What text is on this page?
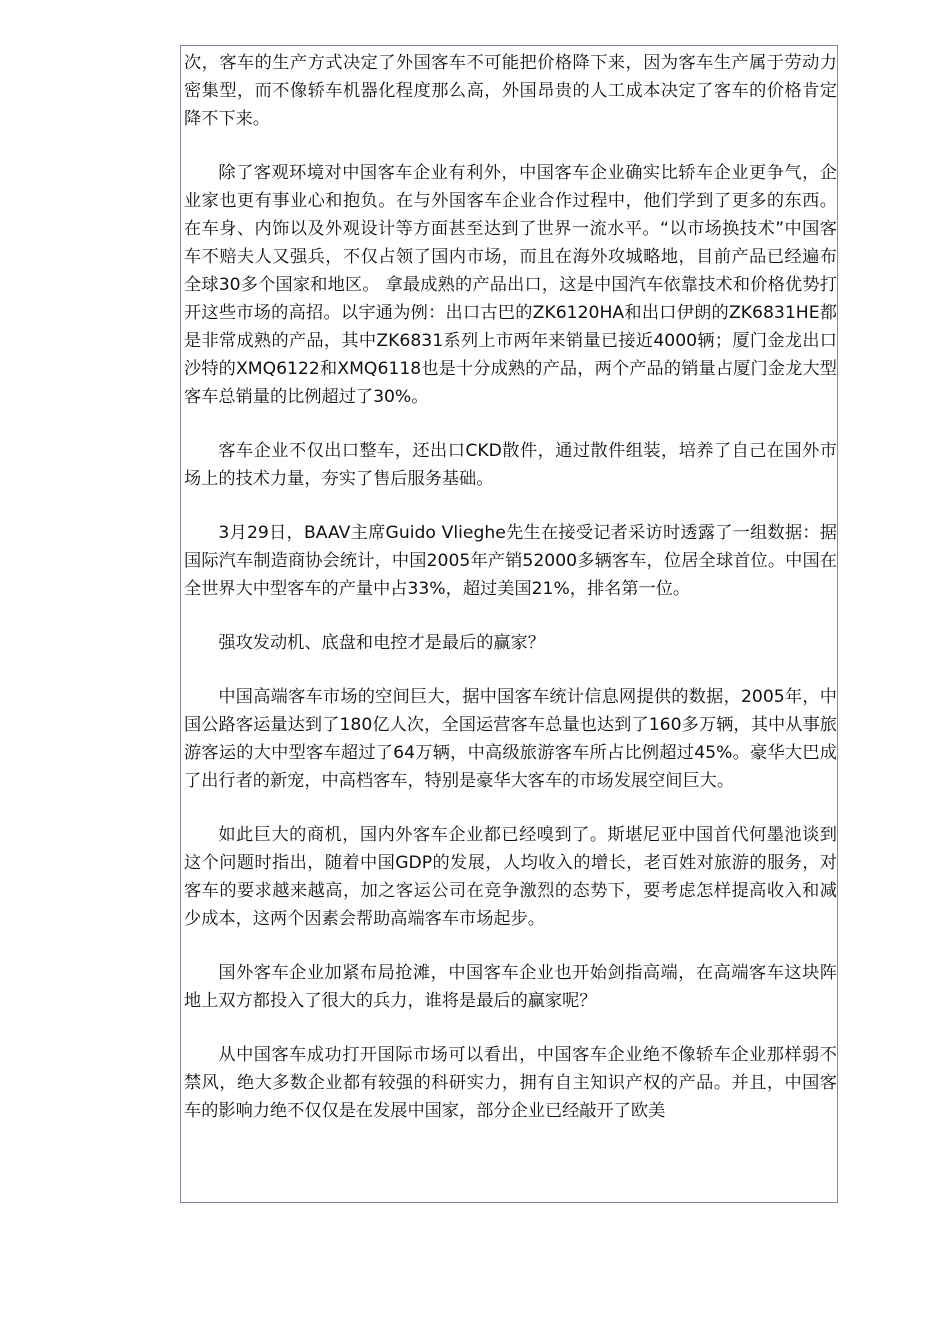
次，客车的生产方式决定了外国客车不可能把价格降下来，因为客车生产属于劳动力密集型，而不像轿车机器化程度那么高，外国昂贵的人工成本决定了客车的价格肯定降不下来。

除了客观环境对中国客车企业有利外，中国客车企业确实比轿车企业更争气，企业家也更有事业心和抱负。在与外国客车企业合作过程中，他们学到了更多的东西。在车身、内饰以及外观设计等方面甚至达到了世界一流水平。“以市场换技术”中国客车不赔夫人又强兵，不仅占领了国内市场，而且在海外攻城略地，目前产品已经遍布全球30多个国家和地区。 拿最成熟的产品出口，这是中国汽车依靠技术和价格优势打开这些市场的高招。以宇通为例：出口古巴的ZK6120HA和出口伊朗的ZK6831HE都是非常成熟的产品，其中ZK6831系列上市两年来销量已接近4000辆；厦门金龙出口沙特的XMQ6122和XMQ6118也是十分成熟的产品，两个产品的销量占厦门金龙大型客车总销量的比例超过了30%。

客车企业不仅出口整车，还出口CKD散件，通过散件组装，培养了自己在国外市场上的技术力量，夯实了售后服务基础。

3月29日，BAAV主席Guido Vlieghe先生在接受记者采访时透露了一组数据：据国际汽车制造商协会统计，中国2005年产销52000多辆客车，位居全球首位。中国在全世界大中型客车的产量中占33%，超过美国21%，排名第一位。

强攻发动机、底盘和电控才是最后的赢家？

中国高端客车市场的空间巨大，据中国客车统计信息网提供的数据，2005年，中国公路客运量达到了180亿人次，全国运营客车总量也达到了160多万辆，其中从事旅游客运的大中型客车超过了64万辆，中高级旅游客车所占比例超过45%。豪华大巴成了出行者的新宠，中高档客车，特别是豪华大客车的市场发展空间巨大。

如此巨大的商机，国内外客车企业都已经嗅到了。斯堪尼亚中国首代何墨池谈到这个问题时指出，随着中国GDP的发展，人均收入的增长，老百姓对旅游的服务，对客车的要求越来越高，加之客运公司在竞争激烈的态势下，要考虑怎样提高收入和减少成本，这两个因素会帮助高端客车市场起步。

国外客车企业加紧布局抢滩，中国客车企业也开始剑指高端，在高端客车这块阵地上双方都投入了很大的兵力，谁将是最后的赢家呢？

从中国客车成功打开国际市场可以看出，中国客车企业绝不像轿车企业那样弱不禁风，绝大多数企业都有较强的科研实力，拥有自主知识产权的产品。并且，中国客车的影响力绝不仅仅是在发展中国家，部分企业已经敲开了欧美
